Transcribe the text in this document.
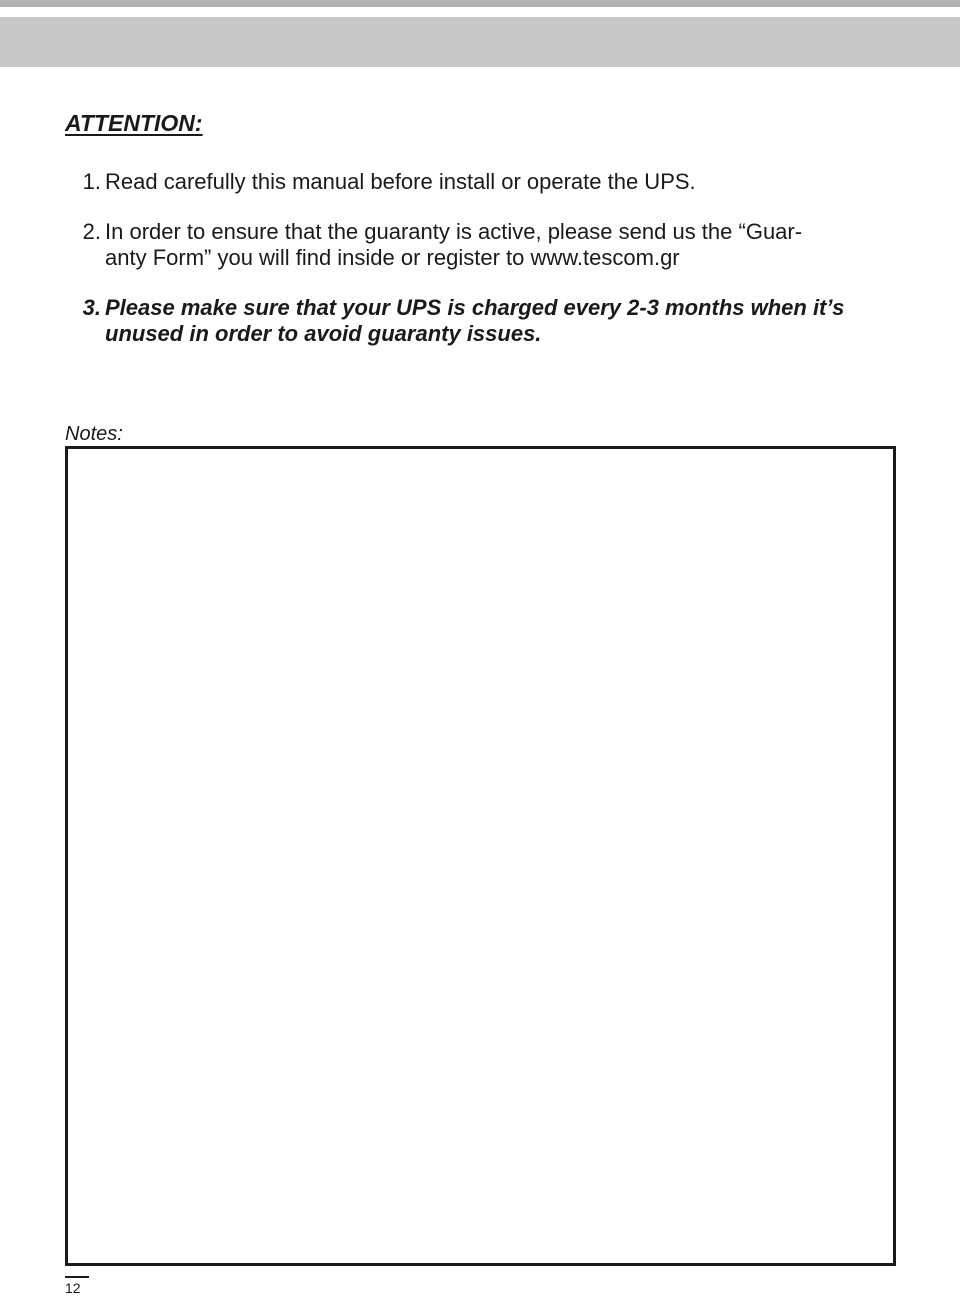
ATTENTION:
1. Read carefully this manual before install or operate the UPS.
2. In order to ensure that the guaranty is active, please send us the “Guar-
anty Form” you will find inside or register to www.tescom.gr
3. Please make sure that your UPS is charged every 2-3 months when it’s
unused in order to avoid guaranty issues.
Notes:
12
